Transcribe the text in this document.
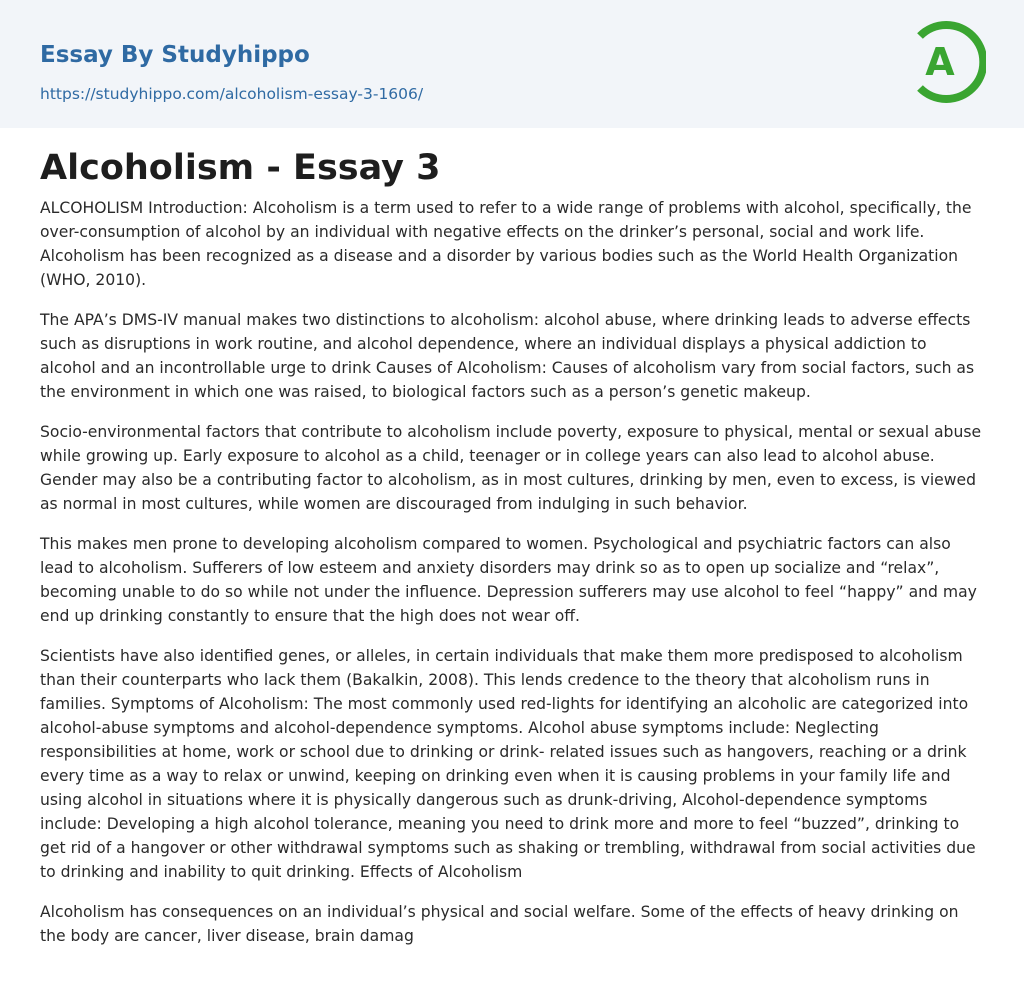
Essay By Studyhippo
https://studyhippo.com/alcoholism-essay-3-1606/
A
Alcoholism - Essay 3

ALCOHOLISM Introduction: Alcoholism is a term used to refer to a wide range of problems with alcohol, specifically, the over-consumption of alcohol by an individual with negative effects on the drinker’s personal, social and work life. Alcoholism has been recognized as a disease and a disorder by various bodies such as the World Health Organization (WHO, 2010).

The APA’s DMS-IV manual makes two distinctions to alcoholism: alcohol abuse, where drinking leads to adverse effects such as disruptions in work routine, and alcohol dependence, where an individual displays a physical addiction to alcohol and an incontrollable urge to drink Causes of Alcoholism: Causes of alcoholism vary from social factors, such as the environment in which one was raised, to biological factors such as a person’s genetic makeup.

Socio-environmental factors that contribute to alcoholism include poverty, exposure to physical, mental or sexual abuse while growing up. Early exposure to alcohol as a child, teenager or in college years can also lead to alcohol abuse. Gender may also be a contributing factor to alcoholism, as in most cultures, drinking by men, even to excess, is viewed as normal in most cultures, while women are discouraged from indulging in such behavior.

This makes men prone to developing alcoholism compared to women. Psychological and psychiatric factors can also lead to alcoholism. Sufferers of low esteem and anxiety disorders may drink so as to open up socialize and “relax”, becoming unable to do so while not under the influence. Depression sufferers may use alcohol to feel “happy” and may end up drinking constantly to ensure that the high does not wear off.

Scientists have also identified genes, or alleles, in certain individuals that make them more predisposed to alcoholism than their counterparts who lack them (Bakalkin, 2008). This lends credence to the theory that alcoholism runs in families. Symptoms of Alcoholism: The most commonly used red-lights for identifying an alcoholic are categorized into alcohol-abuse symptoms and alcohol-dependence symptoms. Alcohol abuse symptoms include: Neglecting responsibilities at home, work or school due to drinking or drink- related issues such as hangovers, reaching or a drink every time as a way to relax or unwind, keeping on drinking even when it is causing problems in your family life and using alcohol in situations where it is physically dangerous such as drunk-driving, Alcohol-dependence symptoms include: Developing a high alcohol tolerance, meaning you need to drink more and more to feel “buzzed”, drinking to get rid of a hangover or other withdrawal symptoms such as shaking or trembling, withdrawal from social activities due to drinking and inability to quit drinking. Effects of Alcoholism

Alcoholism has consequences on an individual’s physical and social welfare. Some of the effects of heavy drinking on the body are cancer, liver disease, brain damag
